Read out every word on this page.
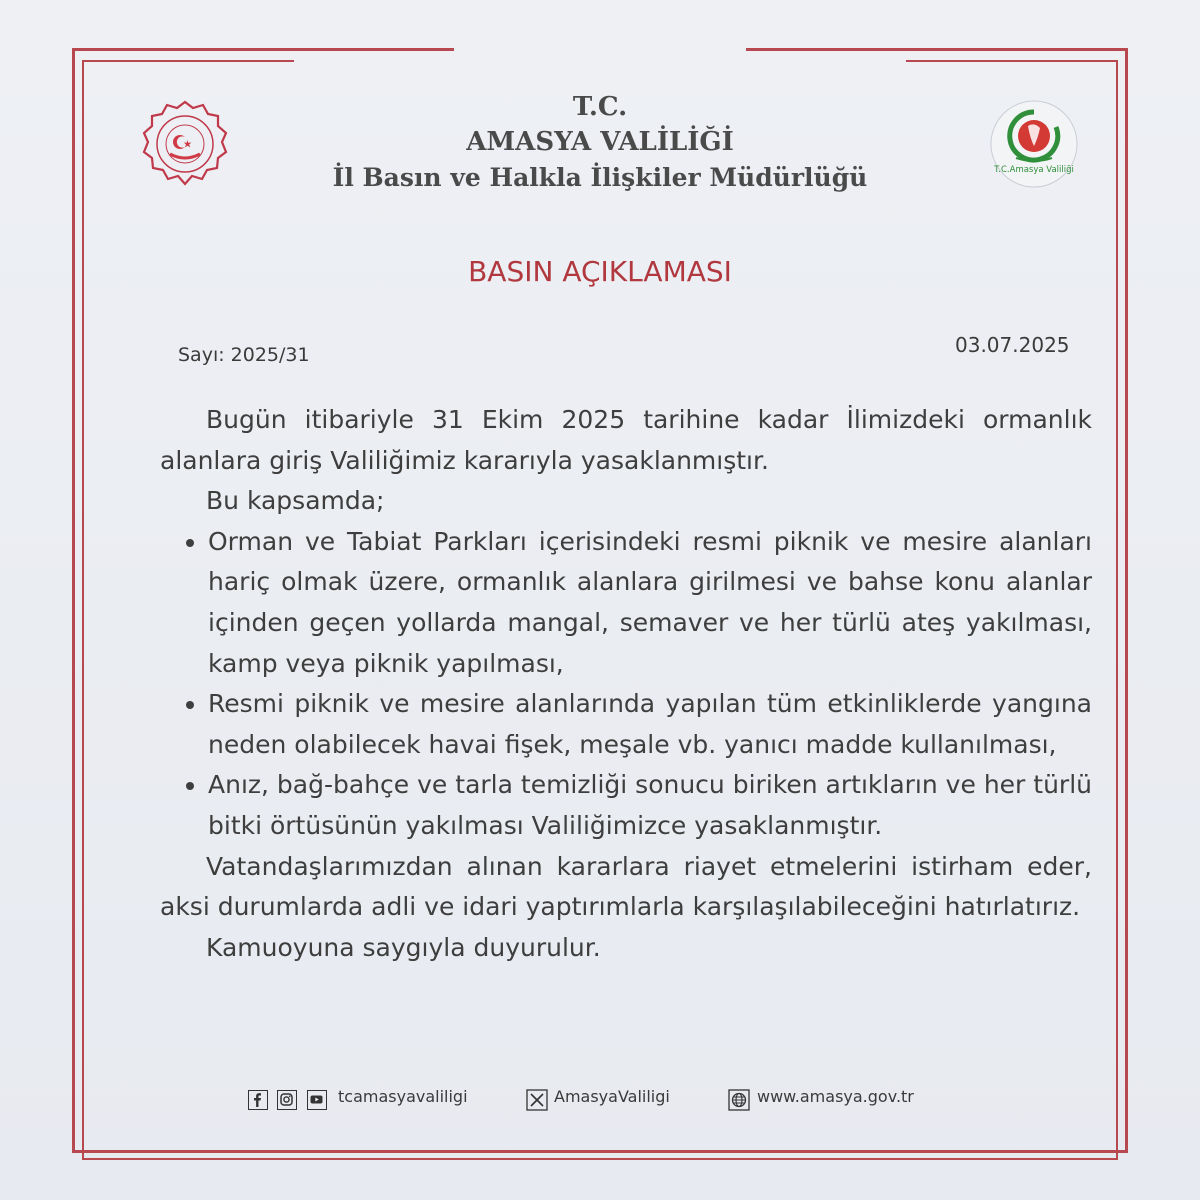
T.C.Amasya Valiliği
T.C.
AMASYA VALİLİĞİ
İl Basın ve Halkla İlişkiler Müdürlüğü
BASIN AÇIKLAMASI
Sayı: 2025/31	03.07.2025

Bugün itibariyle 31 Ekim 2025 tarihine kadar İlimizdeki ormanlık alanlara giriş Valiliğimiz kararıyla yasaklanmıştır.

Bu kapsamda;

• Orman ve Tabiat Parkları içerisindeki resmi piknik ve mesire alanları hariç olmak üzere, ormanlık alanlara girilmesi ve bahse konu alanlar içinden geçen yollarda mangal, semaver ve her türlü ateş yakılması, kamp veya piknik yapılması,
• Resmi piknik ve mesire alanlarında yapılan tüm etkinliklerde yangına neden olabilecek havai fişek, meşale vb. yanıcı madde kullanılması,
• Anız, bağ-bahçe ve tarla temizliği sonucu biriken artıkların ve her türlü bitki örtüsünün yakılması Valiliğimizce yasaklanmıştır.

Vatandaşlarımızdan alınan kararlara riayet etmelerini istirham eder, aksi durumlarda adli ve idari yaptırımlarla karşılaşılabileceğini hatırlatırız.

Kamuoyuna saygıyla duyurulur.

tcamasyavaliligi	AmasyaValiligi	www.amasya.gov.tr
